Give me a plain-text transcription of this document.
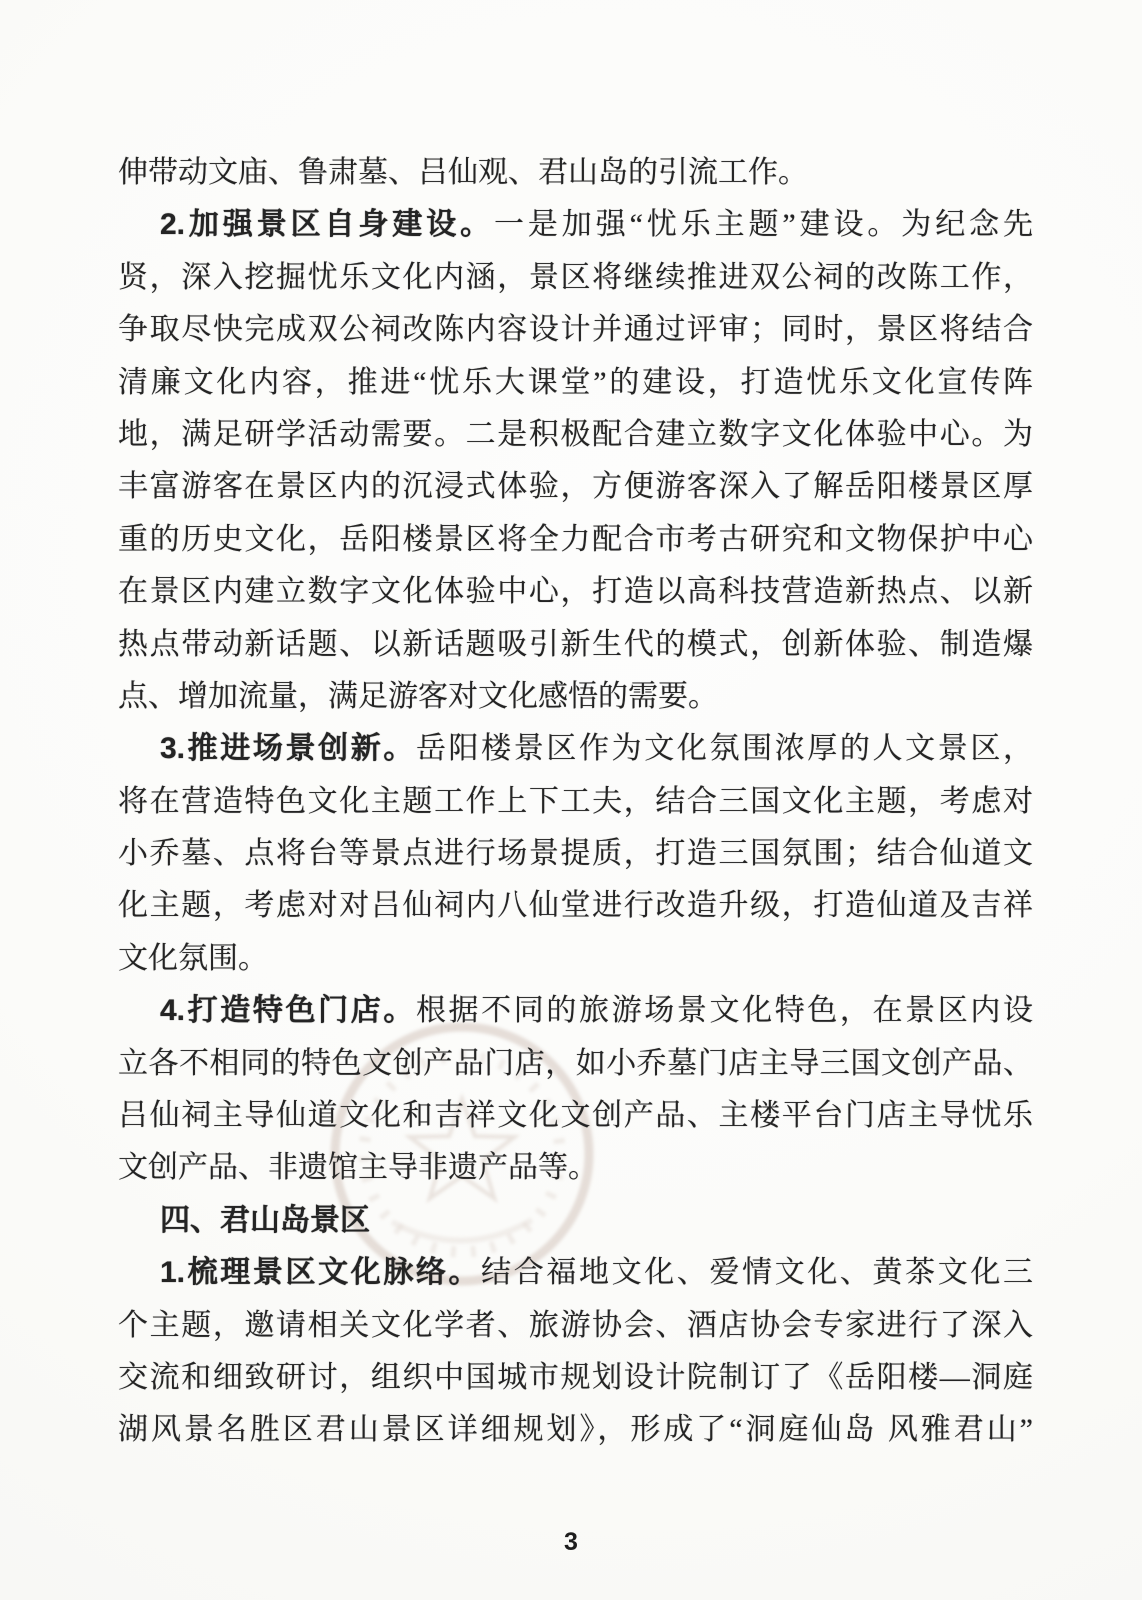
伸带动文庙、鲁肃墓、吕仙观、君山岛的引流工作。
2.加强景区自身建设。一是加强“忧乐主题”建设。为纪念先
贤，深入挖掘忧乐文化内涵，景区将继续推进双公祠的改陈工作，
争取尽快完成双公祠改陈内容设计并通过评审；同时，景区将结合
清廉文化内容，推进“忧乐大课堂”的建设，打造忧乐文化宣传阵
地，满足研学活动需要。二是积极配合建立数字文化体验中心。为
丰富游客在景区内的沉浸式体验，方便游客深入了解岳阳楼景区厚
重的历史文化，岳阳楼景区将全力配合市考古研究和文物保护中心
在景区内建立数字文化体验中心，打造以高科技营造新热点、以新
热点带动新话题、以新话题吸引新生代的模式，创新体验、制造爆
点、增加流量，满足游客对文化感悟的需要。
3.推进场景创新。岳阳楼景区作为文化氛围浓厚的人文景区，
将在营造特色文化主题工作上下工夫，结合三国文化主题，考虑对
小乔墓、点将台等景点进行场景提质，打造三国氛围；结合仙道文
化主题，考虑对对吕仙祠内八仙堂进行改造升级，打造仙道及吉祥
文化氛围。
4.打造特色门店。根据不同的旅游场景文化特色，在景区内设
立各不相同的特色文创产品门店，如小乔墓门店主导三国文创产品、
吕仙祠主导仙道文化和吉祥文化文创产品、主楼平台门店主导忧乐
文创产品、非遗馆主导非遗产品等。
四、君山岛景区
1.梳理景区文化脉络。结合福地文化、爱情文化、黄茶文化三
个主题，邀请相关文化学者、旅游协会、酒店协会专家进行了深入
交流和细致研讨，组织中国城市规划设计院制订了《岳阳楼—洞庭
湖风景名胜区君山景区详细规划》，形成了“洞庭仙岛 风雅君山”
3
